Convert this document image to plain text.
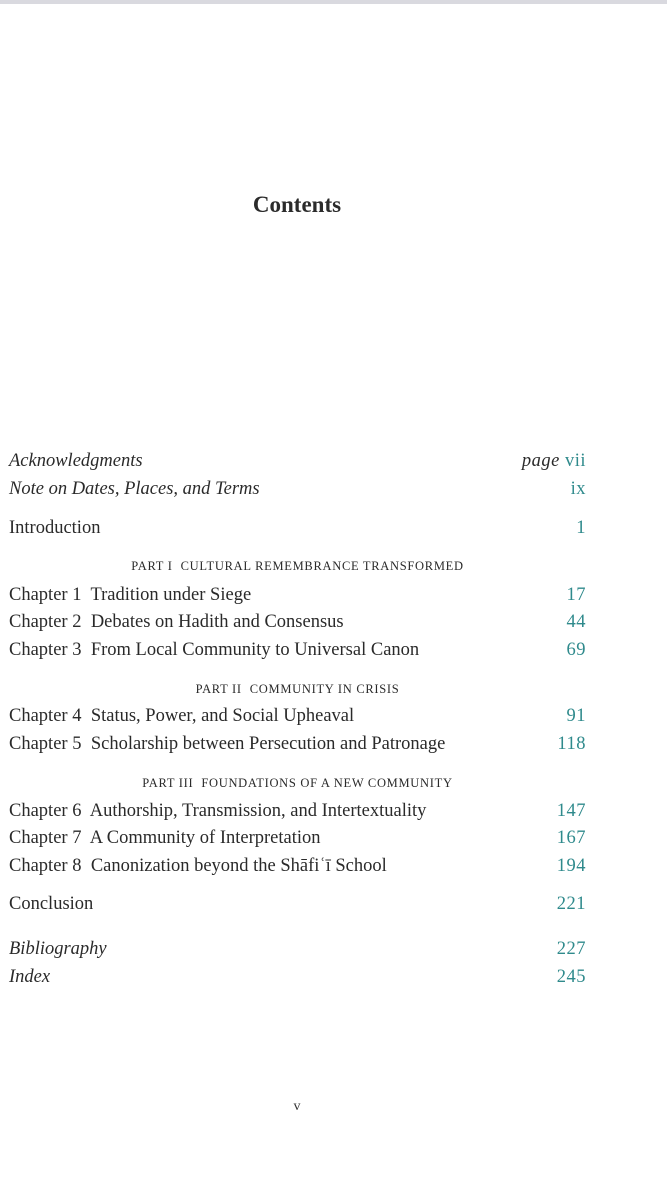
Contents
Acknowledgments	page vii
Note on Dates, Places, and Terms	ix
Introduction	1
PART I CULTURAL REMEMBRANCE TRANSFORMED
Chapter 1 Tradition under Siege	17
Chapter 2 Debates on Hadith and Consensus	44
Chapter 3 From Local Community to Universal Canon	69
PART II COMMUNITY IN CRISIS
Chapter 4 Status, Power, and Social Upheaval	91
Chapter 5 Scholarship between Persecution and Patronage	118
PART III FOUNDATIONS OF A NEW COMMUNITY
Chapter 6 Authorship, Transmission, and Intertextuality	147
Chapter 7 A Community of Interpretation	167
Chapter 8 Canonization beyond the Shāfiʿī School	194
Conclusion	221
Bibliography	227
Index	245
v
